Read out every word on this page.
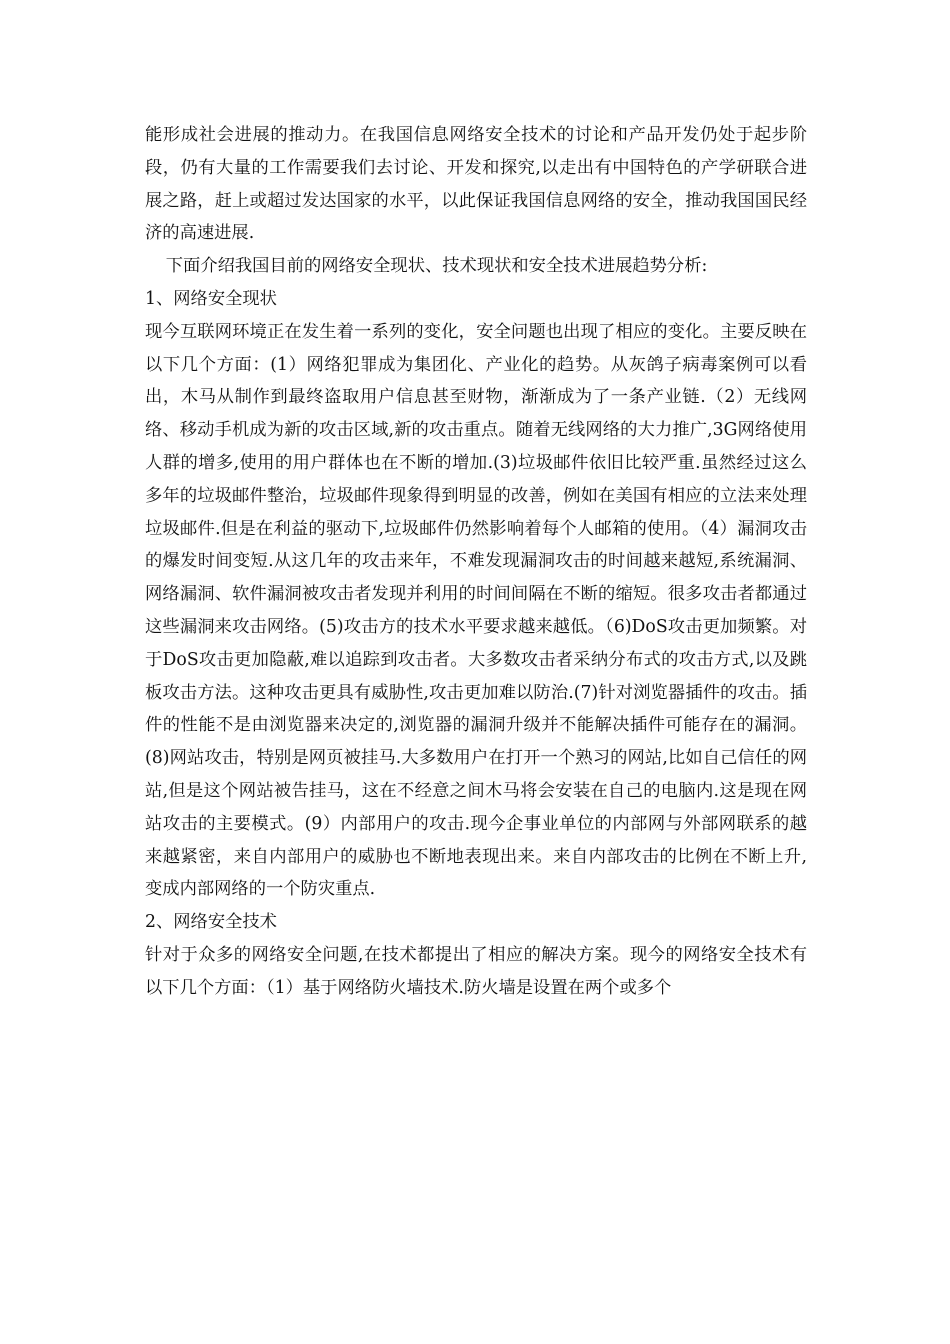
能形成社会进展的推动力。在我国信息网络安全技术的讨论和产品开发仍处于起步阶段，仍有大量的工作需要我们去讨论、开发和探究,以走出有中国特色的产学研联合进展之路，赶上或超过发达国家的水平，以此保证我国信息网络的安全，推动我国国民经济的高速进展.

下面介绍我国目前的网络安全现状、技术现状和安全技术进展趋势分析:

1、网络安全现状

现今互联网环境正在发生着一系列的变化，安全问题也出现了相应的变化。主要反映在以下几个方面：(1）网络犯罪成为集团化、产业化的趋势。从灰鸽子病毒案例可以看出，木马从制作到最终盗取用户信息甚至财物，渐渐成为了一条产业链.（2）无线网络、移动手机成为新的攻击区域,新的攻击重点。随着无线网络的大力推广,3G网络使用人群的增多,使用的用户群体也在不断的增加.(3)垃圾邮件依旧比较严重.虽然经过这么多年的垃圾邮件整治，垃圾邮件现象得到明显的改善，例如在美国有相应的立法来处理垃圾邮件.但是在利益的驱动下,垃圾邮件仍然影响着每个人邮箱的使用。（4）漏洞攻击的爆发时间变短.从这几年的攻击来年，不难发现漏洞攻击的时间越来越短,系统漏洞、网络漏洞、软件漏洞被攻击者发现并利用的时间间隔在不断的缩短。很多攻击者都通过这些漏洞来攻击网络。(5)攻击方的技术水平要求越来越低。（6)DoS攻击更加频繁。对于DoS攻击更加隐蔽,难以追踪到攻击者。大多数攻击者采纳分布式的攻击方式,以及跳板攻击方法。这种攻击更具有威胁性,攻击更加难以防治.(7)针对浏览器插件的攻击。插件的性能不是由浏览器来决定的,浏览器的漏洞升级并不能解决插件可能存在的漏洞。(8)网站攻击，特别是网页被挂马.大多数用户在打开一个熟习的网站,比如自己信任的网站,但是这个网站被告挂马，这在不经意之间木马将会安装在自己的电脑内.这是现在网站攻击的主要模式。(9）内部用户的攻击.现今企事业单位的内部网与外部网联系的越来越紧密，来自内部用户的威胁也不断地表现出来。来自内部攻击的比例在不断上升,变成内部网络的一个防灾重点.

2、网络安全技术

针对于众多的网络安全问题,在技术都提出了相应的解决方案。现今的网络安全技术有以下几个方面：（1）基于网络防火墙技术.防火墙是设置在两个或多个
